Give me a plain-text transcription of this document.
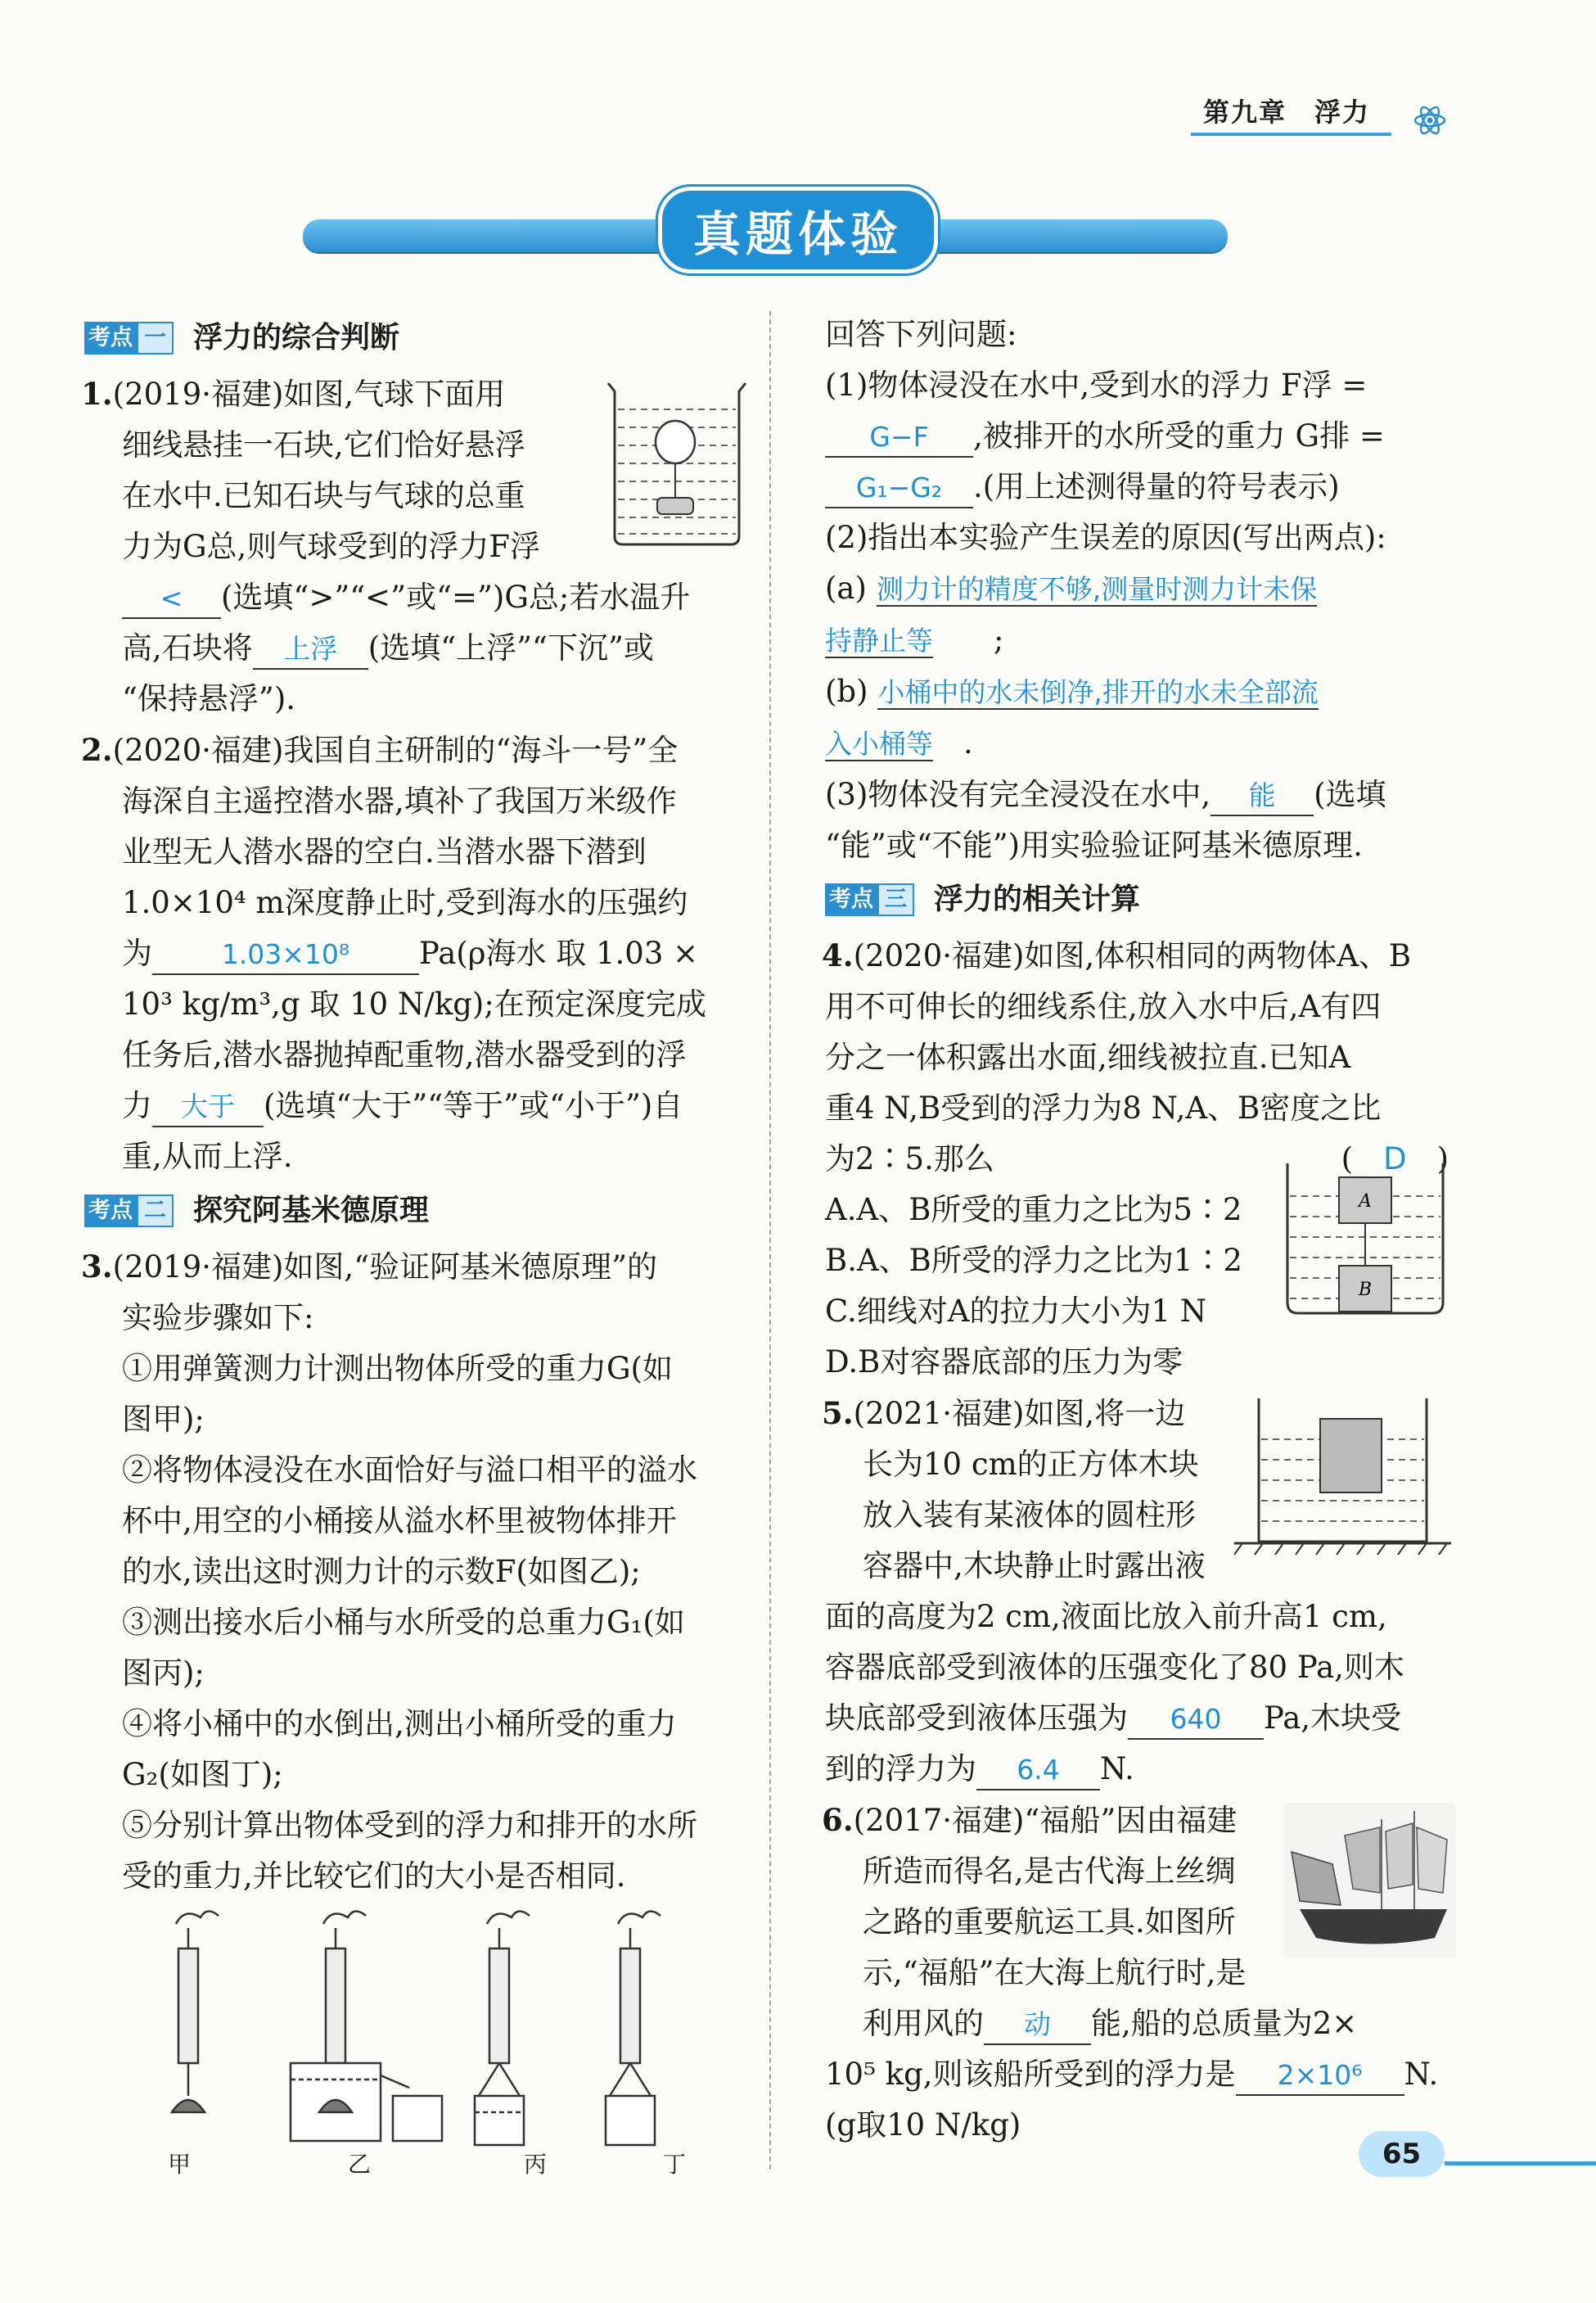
第九章　浮力
真题体验
考点 一 浮力的综合判断

1.(2019·福建)如图,气球下面用

细线悬挂一石块,它们恰好悬浮

在水中.已知石块与气球的总重

力为G总,则气球受到的浮力F浮

< (选填“>”“<”或“=”)G总;若水温升

高,石块将 上浮 (选填“上浮”“下沉”或

“保持悬浮”).

2.(2020·福建)我国自主研制的“海斗一号”全

海深自主遥控潜水器,填补了我国万米级作

业型无人潜水器的空白.当潜水器下潜到

1.0×10⁴ m深度静止时,受到海水的压强约

为	1.03×10⁸ Pa(ρ海水 取 1.03 ×

10³ kg/m³,g 取 10 N/kg);在预定深度完成

任务后,潜水器抛掉配重物,潜水器受到的浮

力 大于 (选填“大于”“等于”或“小于”)自

重,从而上浮.

考点 二 探究阿基米德原理

3.(2019·福建)如图,“验证阿基米德原理”的

实验步骤如下:

①用弹簧测力计测出物体所受的重力G(如

图甲);

②将物体浸没在水面恰好与溢口相平的溢水

杯中,用空的小桶接从溢水杯里被物体排开

的水,读出这时测力计的示数F(如图乙);

③测出接水后小桶与水所受的总重力G₁(如

图丙);

④将小桶中的水倒出,测出小桶所受的重力

G₂(如图丁);

⑤分别计算出物体受到的浮力和排开的水所

受的重力,并比较它们的大小是否相同.

甲	乙	丙	丁

回答下列问题:

(1)物体浸没在水中,受到水的浮力 F浮 =

G−F ,被排开的水所受的重力 G排 =

G₁−G₂ .(用上述测得量的符号表示)

(2)指出本实验产生误差的原因(写出两点):

(a) 测力计的精度不够,测量时测力计未保

持静止等　　 ;

(b) 小桶中的水未倒净,排开的水未全部流

入小桶等　 .

(3)物体没有完全浸没在水中, 能 (选填

“能”或“不能”)用实验验证阿基米德原理.

考点 三 浮力的相关计算

4.(2020·福建)如图,体积相同的两物体A、B

用不可伸长的细线系住,放入水中后,A有四

分之一体积露出水面,细线被拉直.已知A

重4 N,B受到的浮力为8 N,A、B密度之比

为2∶5.那么	(　 D　 )

A.A、B所受的重力之比为5∶2

B.A、B所受的浮力之比为1∶2

C.细线对A的拉力大小为1 N

D.B对容器底部的压力为零

A
B

5.(2021·福建)如图,将一边

长为10 cm的正方体木块

放入装有某液体的圆柱形

容器中,木块静止时露出液

面的高度为2 cm,液面比放入前升高1 cm,

容器底部受到液体的压强变化了80 Pa,则木

块底部受到液体压强为 640 Pa,木块受

到的浮力为 6.4 N.

6.(2017·福建)“福船”因由福建

所造而得名,是古代海上丝绸

之路的重要航运工具.如图所

示,“福船”在大海上航行时,是

利用风的 动 能,船的总质量为2×

10⁵ kg,则该船所受到的浮力是 2×10⁶ N.

(g取10 N/kg)

65
